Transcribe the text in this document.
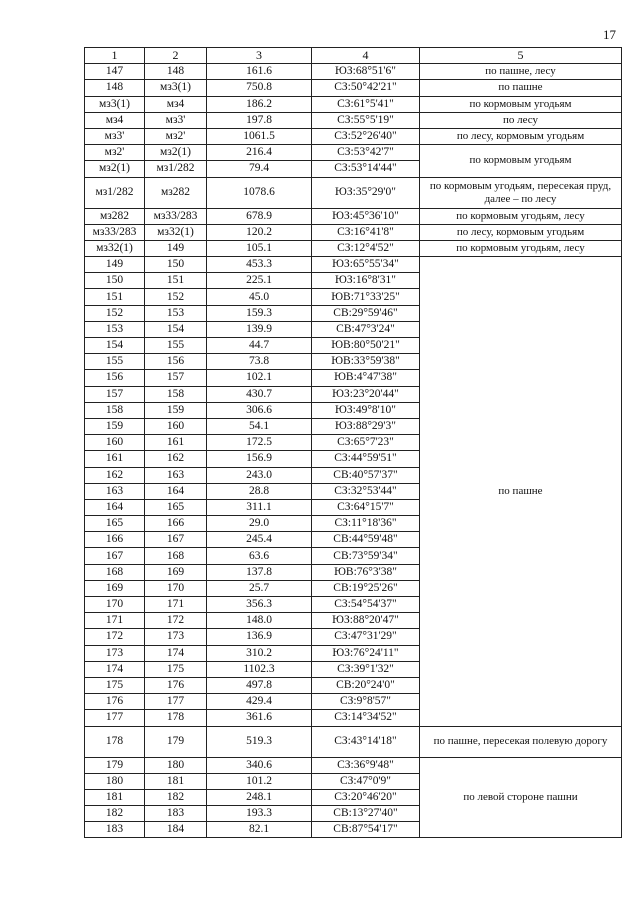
17
1	2	3	4	5
147	148	161.6	ЮЗ:68°51'6"	по пашне, лесу
148	мз3(1)	750.8	СЗ:50°42'21"	по пашне
мз3(1)	мз4	186.2	СЗ:61°5'41"	по кормовым угодьям
мз4	мз3'	197.8	СЗ:55°5'19"	по лесу
мз3'	мз2'	1061.5	СЗ:52°26'40"	по лесу, кормовым угодьям
мз2'	мз2(1)	216.4	СЗ:53°42'7"	по кормовым угодьям
мз2(1)	мз1/282	79.4	СЗ:53°14'44"	
мз1/282	мз282	1078.6	ЮЗ:35°29'0"	по кормовым угодьям, пересекая пруд, далее – по лесу
мз282	мз33/283	678.9	ЮЗ:45°36'10"	по кормовым угодьям, лесу
мз33/283	мз32(1)	120.2	СЗ:16°41'8"	по лесу, кормовым угодьям
мз32(1)	149	105.1	СЗ:12°4'52"	по кормовым угодьям, лесу
149	150	453.3	ЮЗ:65°55'34"	по пашне
150	151	225.1	ЮЗ:16°8'31"	
151	152	45.0	ЮВ:71°33'25"	
152	153	159.3	СВ:29°59'46"	
153	154	139.9	СВ:47°3'24"	
154	155	44.7	ЮВ:80°50'21"	
155	156	73.8	ЮВ:33°59'38"	
156	157	102.1	ЮВ:4°47'38"	
157	158	430.7	ЮЗ:23°20'44"	
158	159	306.6	ЮЗ:49°8'10"	
159	160	54.1	ЮЗ:88°29'3"	
160	161	172.5	СЗ:65°7'23"	
161	162	156.9	СЗ:44°59'51"	
162	163	243.0	СВ:40°57'37"	
163	164	28.8	СЗ:32°53'44"	
164	165	311.1	СЗ:64°15'7"	
165	166	29.0	СЗ:11°18'36"	
166	167	245.4	СВ:44°59'48"	
167	168	63.6	СВ:73°59'34"	
168	169	137.8	ЮВ:76°3'38"	
169	170	25.7	СВ:19°25'26"	
170	171	356.3	СЗ:54°54'37"	
171	172	148.0	ЮЗ:88°20'47"	
172	173	136.9	СЗ:47°31'29"	
173	174	310.2	ЮЗ:76°24'11"	
174	175	1102.3	СЗ:39°1'32"	
175	176	497.8	СВ:20°24'0"	
176	177	429.4	СЗ:9°8'57"	
177	178	361.6	СЗ:14°34'52"	
178	179	519.3	СЗ:43°14'18"	по пашне, пересекая полевую дорогу
179	180	340.6	СЗ:36°9'48"	по левой стороне пашни
180	181	101.2	СЗ:47°0'9"	
181	182	248.1	СЗ:20°46'20"	
182	183	193.3	СВ:13°27'40"	
183	184	82.1	СВ:87°54'17"	
